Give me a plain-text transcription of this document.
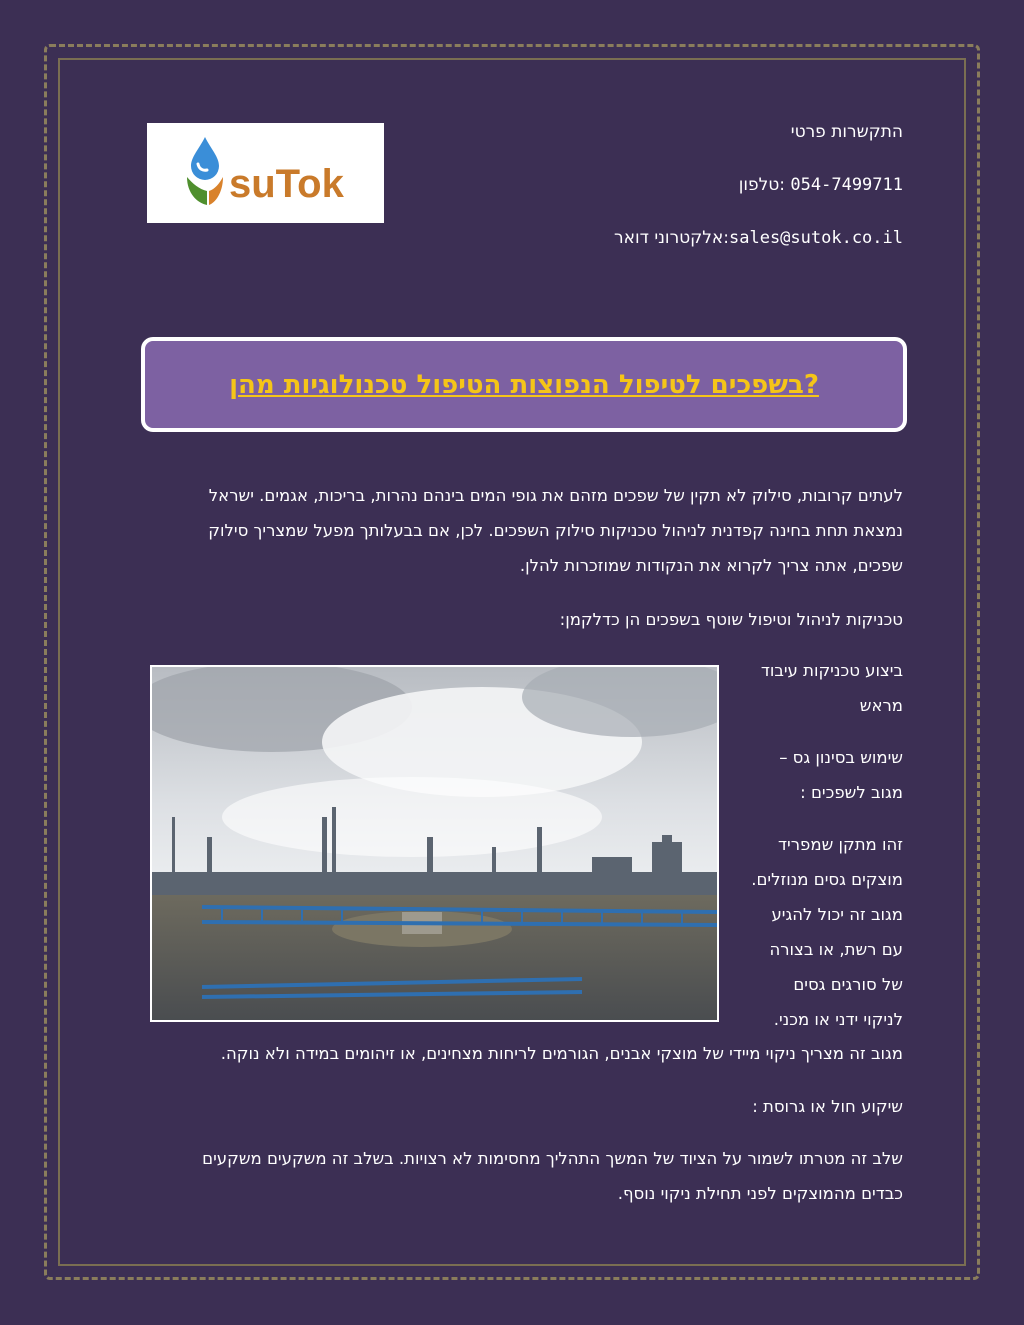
suTok
התקשרות פרטי
054-7499711 :טלפון
sales@sutok.co.il:אלקטרוני דואר
?בשפכים לטיפול הנפוצות הטיפול טכנולוגיות מהן
לעתים קרובות, סילוק לא תקין של שפכים מזהם את גופי המים בינהם נהרות, בריכות, אגמים. ישראל
נמצאת תחת בחינה קפדנית לניהול טכניקות סילוק השפכים. לכן, אם בבעלותך מפעל שמצריך סילוק
שפכים, אתה צריך לקרוא את הנקודות שמוזכרות להלן.
טכניקות לניהול וטיפול שוטף בשפכים הן כדלקמן:
ביצוע טכניקות עיבוד
מראש
שימוש בסינון גס –
מגוב לשפכים :
זהו מתקן שמפריד
מוצקים גסים מנוזלים.
מגוב זה יכול להגיע
עם רשת, או בצורה
של סורגים גסים
לניקוי ידני או מכני.
מגוב זה מצריך ניקוי מיידי של מוצקי אבנים, הגורמים לריחות מצחינים, או זיהומים במידה ולא נוקה.
שיקוע חול או גרוסת :
שלב זה מטרתו לשמור על הציוד של המשך התהליך מחסימות לא רצויות. בשלב זה משקעים משקעים
כבדים מהמוצקים לפני תחילת ניקוי נוסף.
